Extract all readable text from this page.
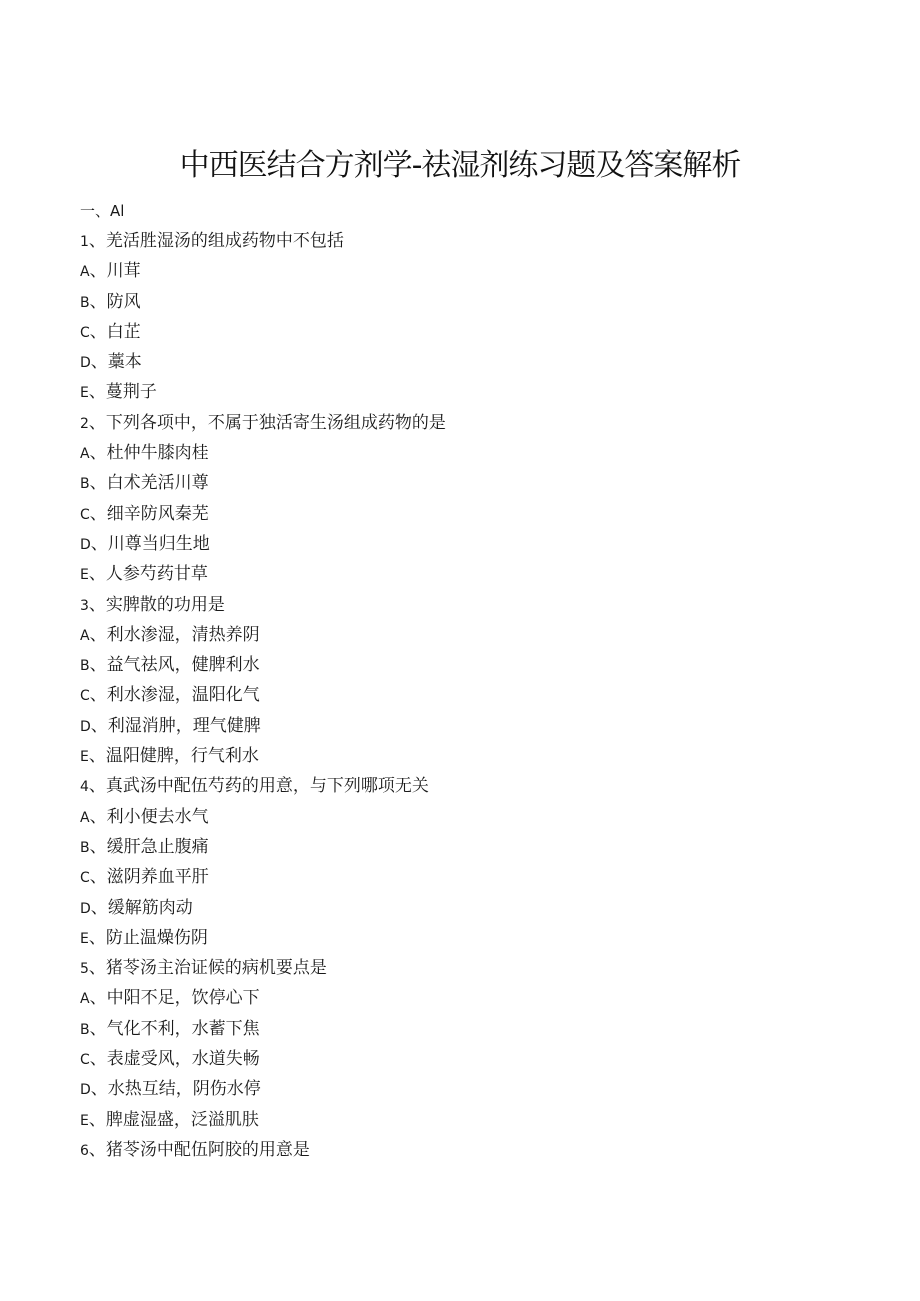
中西医结合方剂学-祛湿剂练习题及答案解析
一、Al
1、羌活胜湿汤的组成药物中不包括
A、川茸
B、防风
C、白芷
D、藁本
E、蔓荆子
2、下列各项中，不属于独活寄生汤组成药物的是
A、杜仲牛膝肉桂
B、白术羌活川尊
C、细辛防风秦芜
D、川尊当归生地
E、人参芍药甘草
3、实脾散的功用是
A、利水渗湿，清热养阴
B、益气祛风，健脾利水
C、利水渗湿，温阳化气
D、利湿消肿，理气健脾
E、温阳健脾，行气利水
4、真武汤中配伍芍药的用意，与下列哪项无关
A、利小便去水气
B、缓肝急止腹痛
C、滋阴养血平肝
D、缓解筋肉动
E、防止温燥伤阴
5、猪苓汤主治证候的病机要点是
A、中阳不足，饮停心下
B、气化不利，水蓄下焦
C、表虚受风，水道失畅
D、水热互结，阴伤水停
E、脾虚湿盛，泛溢肌肤
6、猪苓汤中配伍阿胶的用意是
